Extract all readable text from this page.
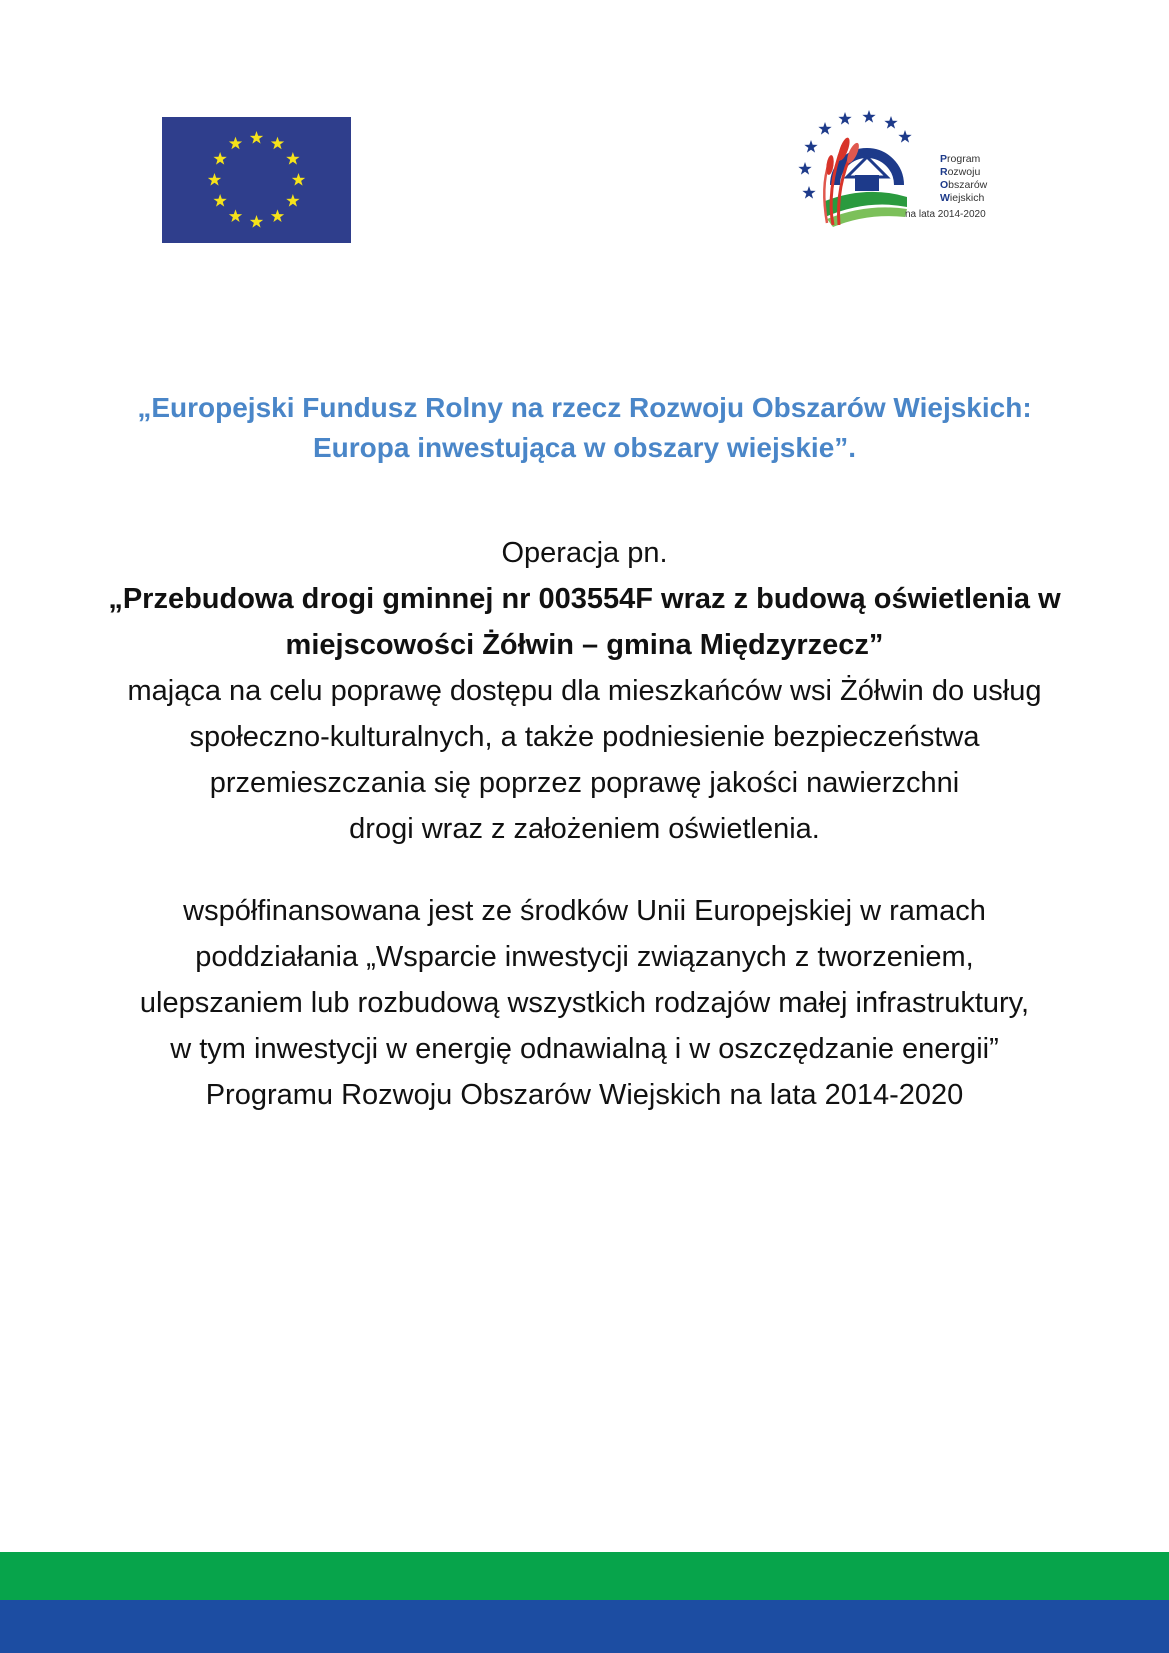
Program
Rozwoju
Obszarów
Wiejskich
na lata 2014-2020
„Europejski Fundusz Rolny na rzecz Rozwoju Obszarów Wiejskich:
Europa inwestująca w obszary wiejskie”.
Operacja pn.
„Przebudowa drogi gminnej nr 003554F wraz z budową oświetlenia w
miejscowości Żółwin – gmina Międzyrzecz”
mająca na celu poprawę dostępu dla mieszkańców wsi Żółwin do usług
społeczno-kulturalnych, a także podniesienie bezpieczeństwa
przemieszczania się poprzez poprawę jakości nawierzchni
drogi wraz z założeniem oświetlenia.
współfinansowana jest ze środków Unii Europejskiej w ramach
poddziałania „Wsparcie inwestycji związanych z tworzeniem,
ulepszaniem lub rozbudową wszystkich rodzajów małej infrastruktury,
w tym inwestycji w energię odnawialną i w oszczędzanie energii”
Programu Rozwoju Obszarów Wiejskich na lata 2014-2020
